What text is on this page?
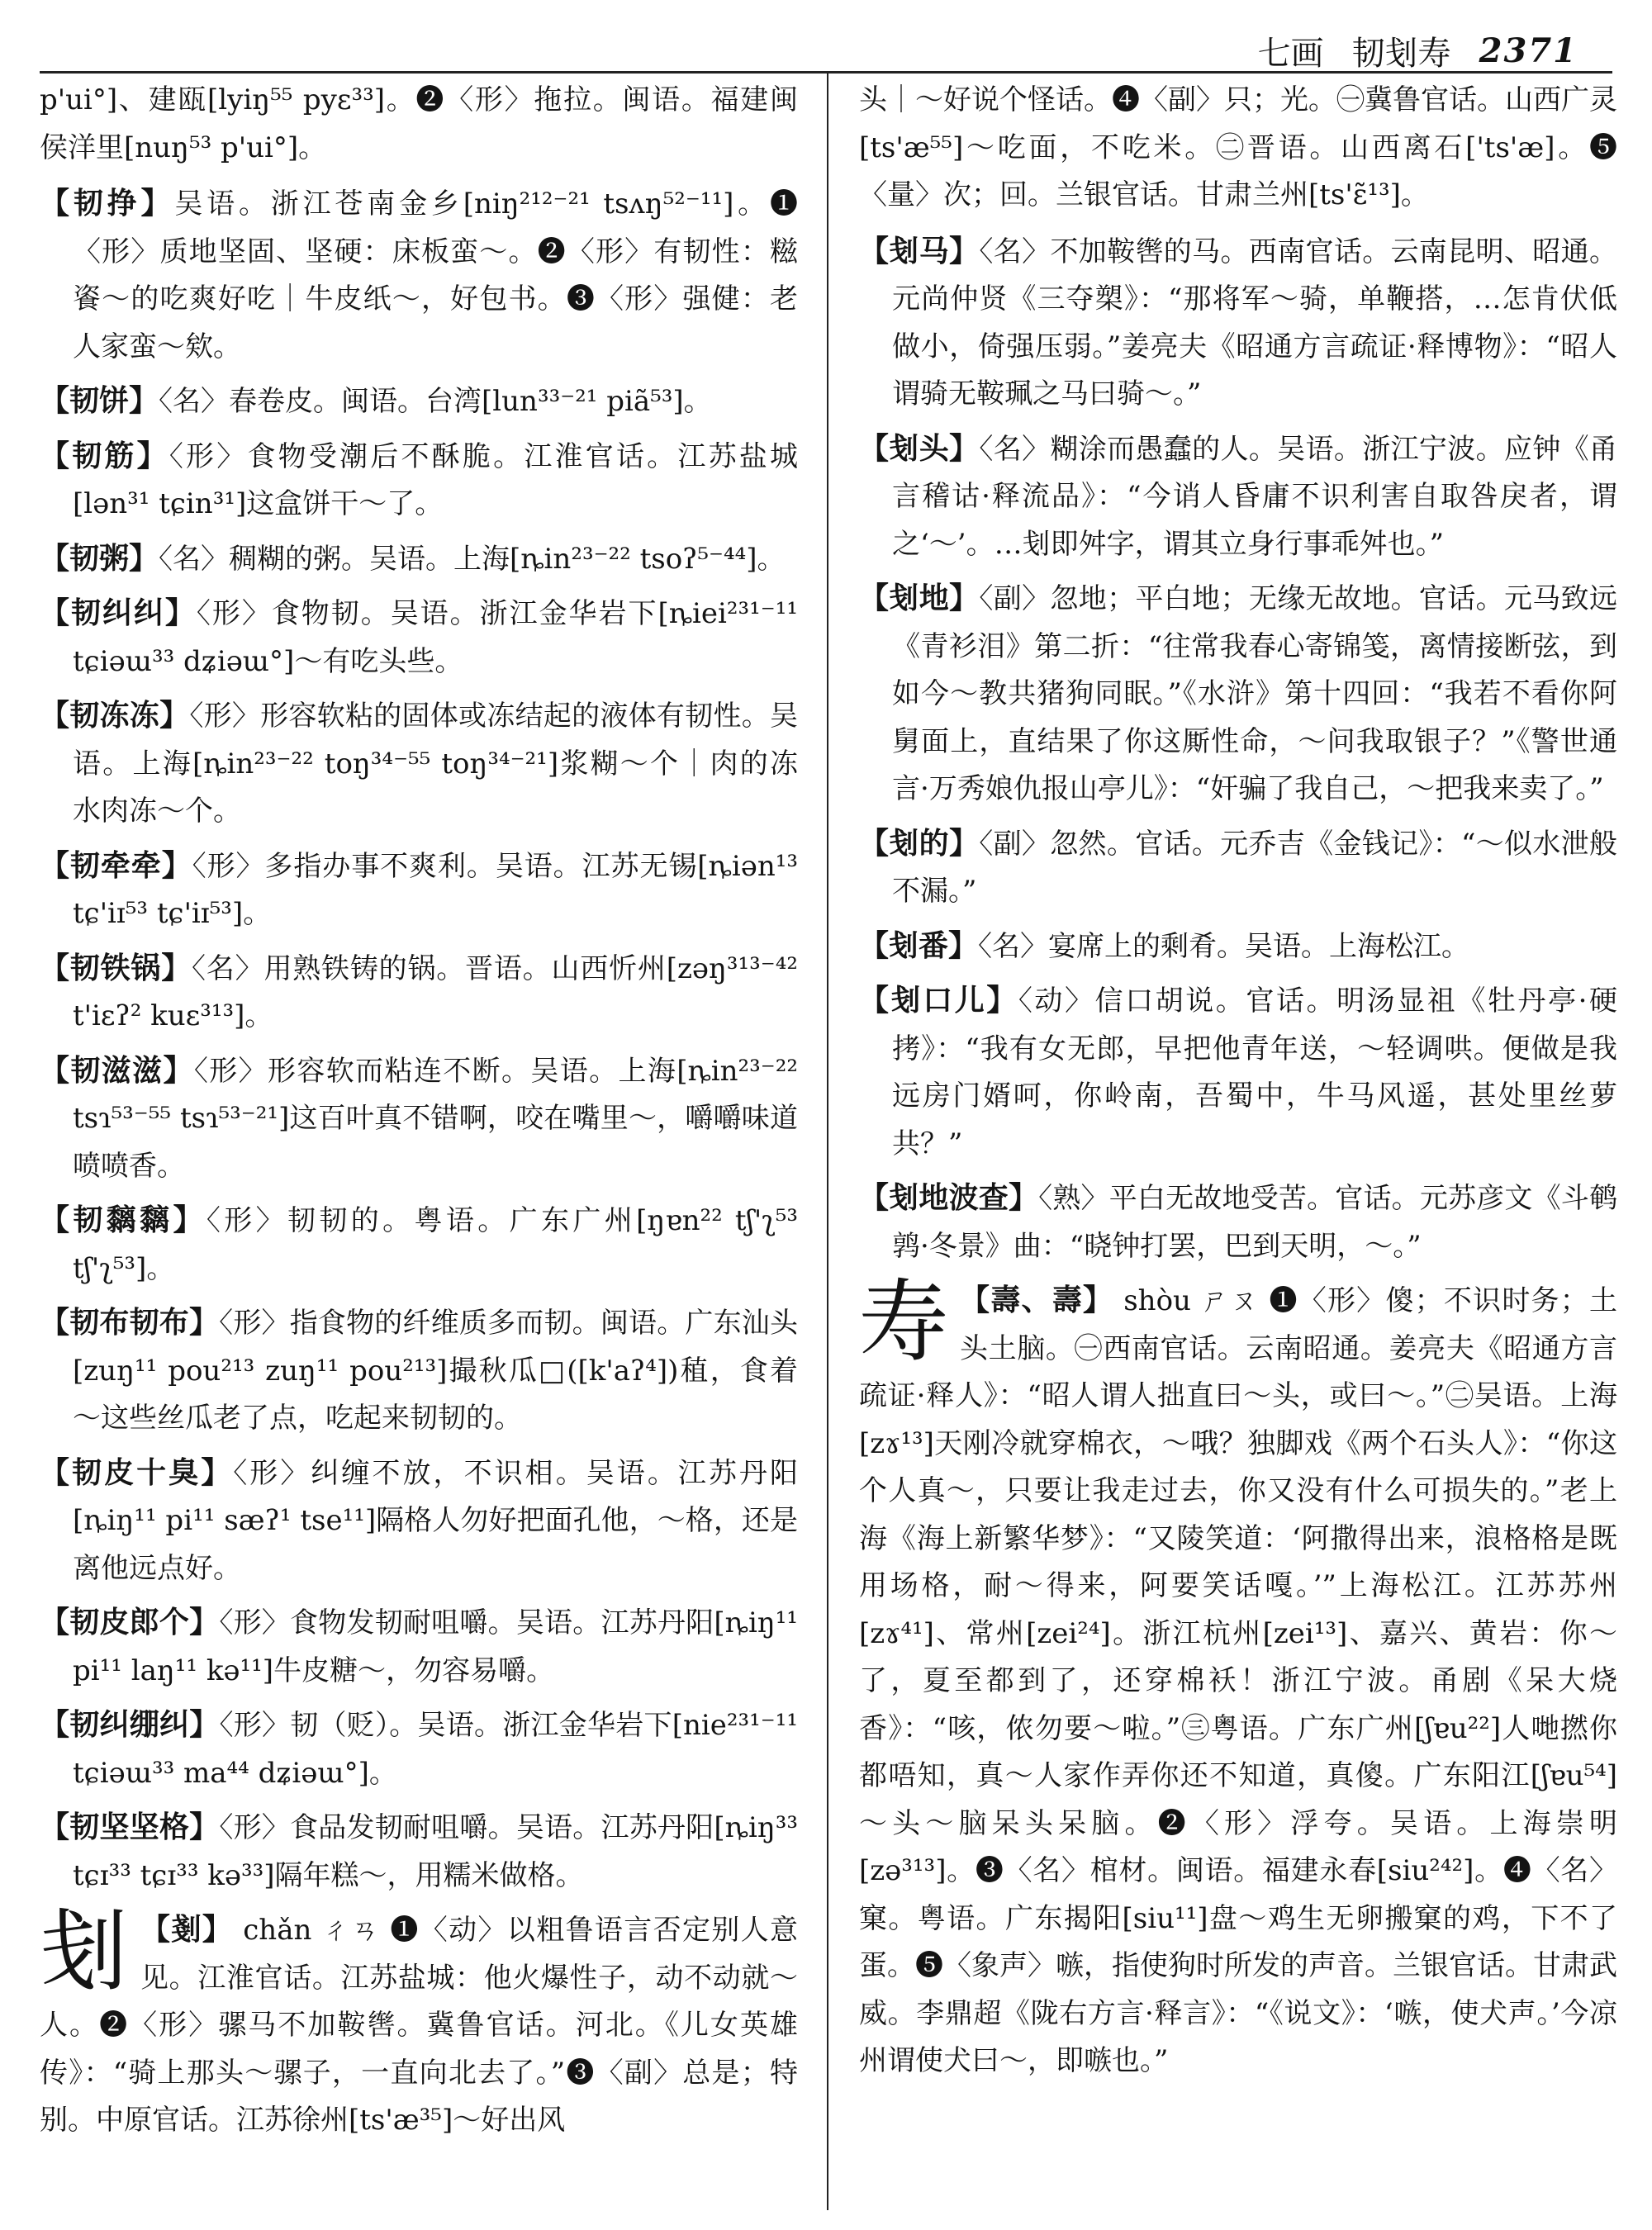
七画 韧刬寿 2371

p'ui°]、建瓯[lyiŋ⁵⁵ pyɛ³³]。❷〈形〉拖拉。闽语。福建闽侯洋里[nuŋ⁵³ p'ui°]。

【韧挣】吴语。浙江苍南金乡[niŋ²¹²⁻²¹ tsʌŋ⁵²⁻¹¹]。❶〈形〉质地坚固、坚硬：床板蛮～。❷〈形〉有韧性：糍餈～的吃爽好吃｜牛皮纸～，好包书。❸〈形〉强健：老人家蛮～欸。

【韧饼】〈名〉春卷皮。闽语。台湾[lun³³⁻²¹ piã⁵³]。

【韧筋】〈形〉食物受潮后不酥脆。江淮官话。江苏盐城[lən³¹ tɕin³¹]这盒饼干～了。

【韧粥】〈名〉稠糊的粥。吴语。上海[ȵin²³⁻²² tsoʔ⁵⁻⁴⁴]。

【韧纠纠】〈形〉食物韧。吴语。浙江金华岩下[ȵiei²³¹⁻¹¹ tɕiəɯ³³ dʑiəɯ°]～有吃头些。

【韧冻冻】〈形〉形容软粘的固体或冻结起的液体有韧性。吴语。上海[ȵin²³⁻²² toŋ³⁴⁻⁵⁵ toŋ³⁴⁻²¹]浆糊～个｜肉的冻水肉冻～个。

【韧牵牵】〈形〉多指办事不爽利。吴语。江苏无锡[ȵiən¹³ tɕ'iɪ⁵³ tɕ'iɪ⁵³]。

【韧铁锅】〈名〉用熟铁铸的锅。晋语。山西忻州[zəŋ³¹³⁻⁴² t'iɛʔ² kuɛ³¹³]。

【韧滋滋】〈形〉形容软而粘连不断。吴语。上海[ȵin²³⁻²² tsɿ⁵³⁻⁵⁵ tsɿ⁵³⁻²¹]这百叶真不错啊，咬在嘴里～，嚼嚼味道喷喷香。

【韧黐黐】〈形〉韧韧的。粤语。广东广州[ŋɐn²² tʃ'ʅ⁵³ tʃ'ʅ⁵³]。

【韧布韧布】〈形〉指食物的纤维质多而韧。闽语。广东汕头[zuŋ¹¹ pou²¹³ zuŋ¹¹ pou²¹³]撮秋瓜□([k'aʔ⁴])稙，食着～这些丝瓜老了点，吃起来韧韧的。

【韧皮十臭】〈形〉纠缠不放，不识相。吴语。江苏丹阳[ȵiŋ¹¹ pi¹¹ sæʔ¹ tse¹¹]隔格人勿好把面孔他，～格，还是离他远点好。

【韧皮郎个】〈形〉食物发韧耐咀嚼。吴语。江苏丹阳[ȵiŋ¹¹ pi¹¹ laŋ¹¹ kə¹¹]牛皮糖～，勿容易嚼。

【韧纠绷纠】〈形〉韧（贬）。吴语。浙江金华岩下[nie²³¹⁻¹¹ tɕiəɯ³³ ma⁴⁴ dʑiəɯ°]。

【韧坚坚格】〈形〉食品发韧耐咀嚼。吴语。江苏丹阳[ȵiŋ³³ tɕɪ³³ tɕɪ³³ kə³³]隔年糕～，用糯米做格。

刬 【剗】 chǎn ㄔㄢ ❶〈动〉以粗鲁语言否定别人意见。江淮官话。江苏盐城：他火爆性子，动不动就～人。❷〈形〉骡马不加鞍辔。冀鲁官话。河北。《儿女英雄传》：“骑上那头～骡子，一直向北去了。”❸〈副〉总是；特别。中原官话。江苏徐州[ts'æ³⁵]～好出风

头｜～好说个怪话。❹〈副〉只；光。㊀冀鲁官话。山西广灵[ts'æ⁵⁵]～吃面，不吃米。㊁晋语。山西离石['ts'æ]。❺〈量〉次；回。兰银官话。甘肃兰州[ts'ɛ̃¹³]。

【刬马】〈名〉不加鞍辔的马。西南官话。云南昆明、昭通。元尚仲贤《三夺槊》：“那将军～骑，单鞭搭，…怎肯伏低做小，倚强压弱。”姜亮夫《昭通方言疏证·释博物》：“昭人谓骑无鞍珮之马曰骑～。”

【刬头】〈名〉糊涂而愚蠢的人。吴语。浙江宁波。应钟《甬言稽诂·释流品》：“今诮人昏庸不识利害自取咎戾者，谓之‘～’。…刬即舛字，谓其立身行事乖舛也。”

【刬地】〈副〉忽地；平白地；无缘无故地。官话。元马致远《青衫泪》第二折：“往常我春心寄锦笺，离情接断弦，到如今～教共猪狗同眠。”《水浒》第十四回：“我若不看你阿舅面上，直结果了你这厮性命，～问我取银子？”《警世通言·万秀娘仇报山亭儿》：“奸骗了我自己，～把我来卖了。”

【刬的】〈副〉忽然。官话。元乔吉《金钱记》：“～似水泄般不漏。”

【刬番】〈名〉宴席上的剩肴。吴语。上海松江。

【刬口儿】〈动〉信口胡说。官话。明汤显祖《牡丹亭·硬拷》：“我有女无郎，早把他青年送，～轻调哄。便做是我远房门婿呵，你岭南，吾蜀中，牛马风遥，甚处里丝萝共？”

【刬地波查】〈熟〉平白无故地受苦。官话。元苏彦文《斗鹌鹑·冬景》曲：“晓钟打罢，巴到天明，～。”

寿 【壽、壽】 shòu ㄕㄡ ❶〈形〉傻；不识时务；土头土脑。㊀西南官话。云南昭通。姜亮夫《昭通方言疏证·释人》：“昭人谓人拙直曰～头，或曰～。”㊁吴语。上海[zɤ¹³]天刚冷就穿棉衣，～哦？独脚戏《两个石头人》：“你这个人真～，只要让我走过去，你又没有什么可损失的。”老上海《海上新繁华梦》：“又陵笑道：‘阿撒得出来，浪格格是既用场格，耐～得来，阿要笑话嘎。’”上海松江。江苏苏州[zɤ⁴¹]、常州[zei²⁴]。浙江杭州[zei¹³]、嘉兴、黄岩：你～了，夏至都到了，还穿棉袄！浙江宁波。甬剧《呆大烧香》：“咳，侬勿要～啦。”㊂粤语。广东广州[ʃɐu²²]人哋撚你都唔知，真～人家作弄你还不知道，真傻。广东阳江[ʃɐu⁵⁴]～头～脑呆头呆脑。❷〈形〉浮夸。吴语。上海崇明[zə³¹³]。❸〈名〉棺材。闽语。福建永春[siu²⁴²]。❹〈名〉窠。粤语。广东揭阳[siu¹¹]盘～鸡生无卵搬窠的鸡，下不了蛋。❺〈象声〉嗾，指使狗时所发的声音。兰银官话。甘肃武威。李鼎超《陇右方言·释言》：“《说文》：‘嗾，使犬声。’今凉州谓使犬曰～，即嗾也。”
